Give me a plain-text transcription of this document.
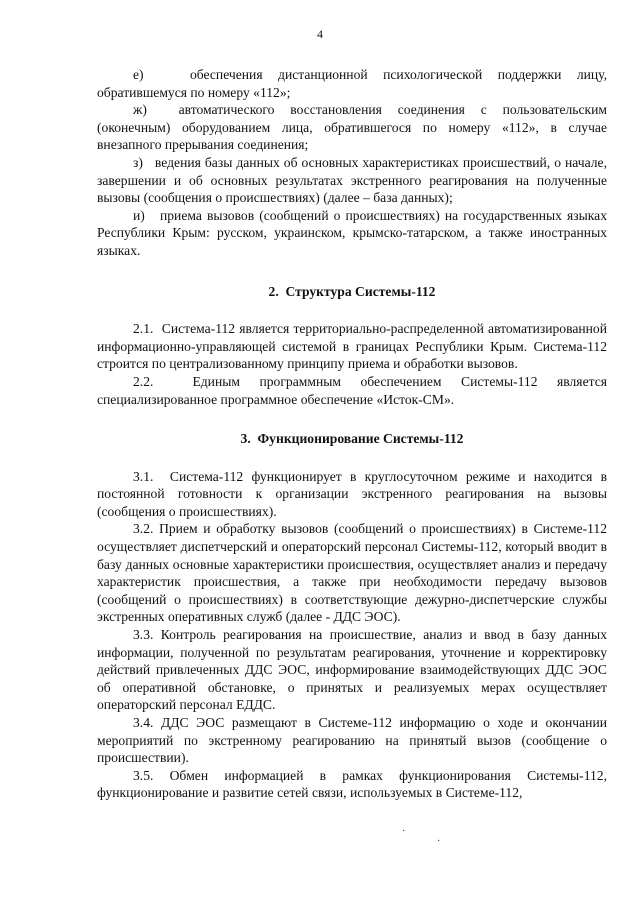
4

е)   обеспечения дистанционной психологической поддержки лицу, обратившемуся по номеру «112»;

ж)  автоматического восстановления соединения с пользовательским (оконечным) оборудованием лица, обратившегося по номеру «112», в случае внезапного прерывания соединения;

з)   ведения базы данных об основных характеристиках происшествий, о начале, завершении и об основных результатах экстренного реагирования на полученные вызовы (сообщения о происшествиях) (далее – база данных);

и)   приема вызовов (сообщений о происшествиях) на государственных языках Республики Крым: русском, украинском, крымско-татарском, а также иностранных языках.

2.  Структура Системы-112

2.1.  Система-112 является территориально-распределенной автоматизированной информационно-управляющей системой в границах Республики Крым. Система-112 строится по централизованному принципу приема и обработки вызовов.

2.2.  Единым программным обеспечением Системы-112 является специализированное программное обеспечение «Исток-СМ».

3.  Функционирование Системы-112

3.1.  Система-112 функционирует в круглосуточном режиме и находится в постоянной готовности к организации экстренного реагирования на вызовы (сообщения о происшествиях).

3.2. Прием и обработку вызовов (сообщений о происшествиях) в Системе-112 осуществляет диспетчерский и операторский персонал Системы-112, который вводит в базу данных основные характеристики происшествия, осуществляет анализ и передачу характеристик происшествия, а также при необходимости передачу вызовов (сообщений о происшествиях) в соответствующие дежурно-диспетчерские службы экстренных оперативных служб (далее - ДДС ЭОС).

3.3. Контроль реагирования на происшествие, анализ и ввод в базу данных информации, полученной по результатам реагирования, уточнение и корректировку действий привлеченных ДДС ЭОС, информирование взаимодействующих ДДС ЭОС об оперативной обстановке, о принятых и реализуемых мерах осуществляет операторский персонал ЕДДС.

3.4. ДДС ЭОС размещают в Системе-112 информацию о ходе и окончании мероприятий по экстренному реагированию на принятый вызов (сообщение о происшествии).

3.5. Обмен информацией в рамках функционирования Системы-112, функционирование и развитие сетей связи, используемых в Системе-112,

·
·
